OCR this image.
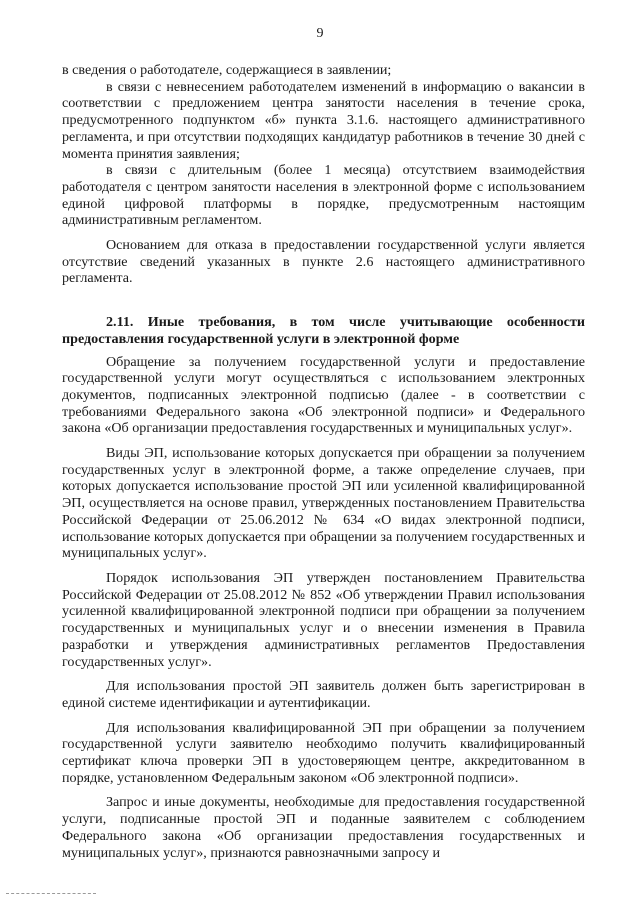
9

в сведения о работодателе, содержащиеся в заявлении;

в связи с невнесением работодателем изменений в информацию о вакансии в соответствии с предложением центра занятости населения в течение срока, предусмотренного подпунктом «б» пункта 3.1.6. настоящего административного регламента, и при отсутствии подходящих кандидатур работников в течение 30 дней с момента принятия заявления;

в связи с длительным (более 1 месяца) отсутствием взаимодействия работодателя с центром занятости населения в электронной форме с использованием единой цифровой платформы в порядке, предусмотренным настоящим административным регламентом.

Основанием для отказа в предоставлении государственной услуги является отсутствие сведений указанных в пункте 2.6 настоящего административного регламента.

2.11. Иные требования, в том числе учитывающие особенности предоставления государственной услуги в электронной форме

Обращение за получением государственной услуги и предоставление государственной услуги могут осуществляться с использованием электронных документов, подписанных электронной подписью (далее - в соответствии с требованиями Федерального закона «Об электронной подписи» и Федерального закона «Об организации предоставления государственных и муниципальных услуг».

Виды ЭП, использование которых допускается при обращении за получением государственных услуг в электронной форме, а также определение случаев, при которых допускается использование простой ЭП или усиленной квалифицированной ЭП, осуществляется на основе правил, утвержденных постановлением Правительства Российской Федерации от 25.06.2012 № 634 «О видах электронной подписи, использование которых допускается при обращении за получением государственных и муниципальных услуг».

Порядок использования ЭП утвержден постановлением Правительства Российской Федерации от 25.08.2012 № 852 «Об утверждении Правил использования усиленной квалифицированной электронной подписи при обращении за получением государственных и муниципальных услуг и о внесении изменения в Правила разработки и утверждения административных регламентов Предоставления государственных услуг».

Для использования простой ЭП заявитель должен быть зарегистрирован в единой системе идентификации и аутентификации.

Для использования квалифицированной ЭП при обращении за получением государственной услуги заявителю необходимо получить квалифицированный сертификат ключа проверки ЭП в удостоверяющем центре, аккредитованном в порядке, установленном Федеральным законом «Об электронной подписи».

Запрос и иные документы, необходимые для предоставления государственной услуги, подписанные простой ЭП и поданные заявителем с соблюдением Федерального закона «Об организации предоставления государственных и муниципальных услуг», признаются равнозначными запросу и
